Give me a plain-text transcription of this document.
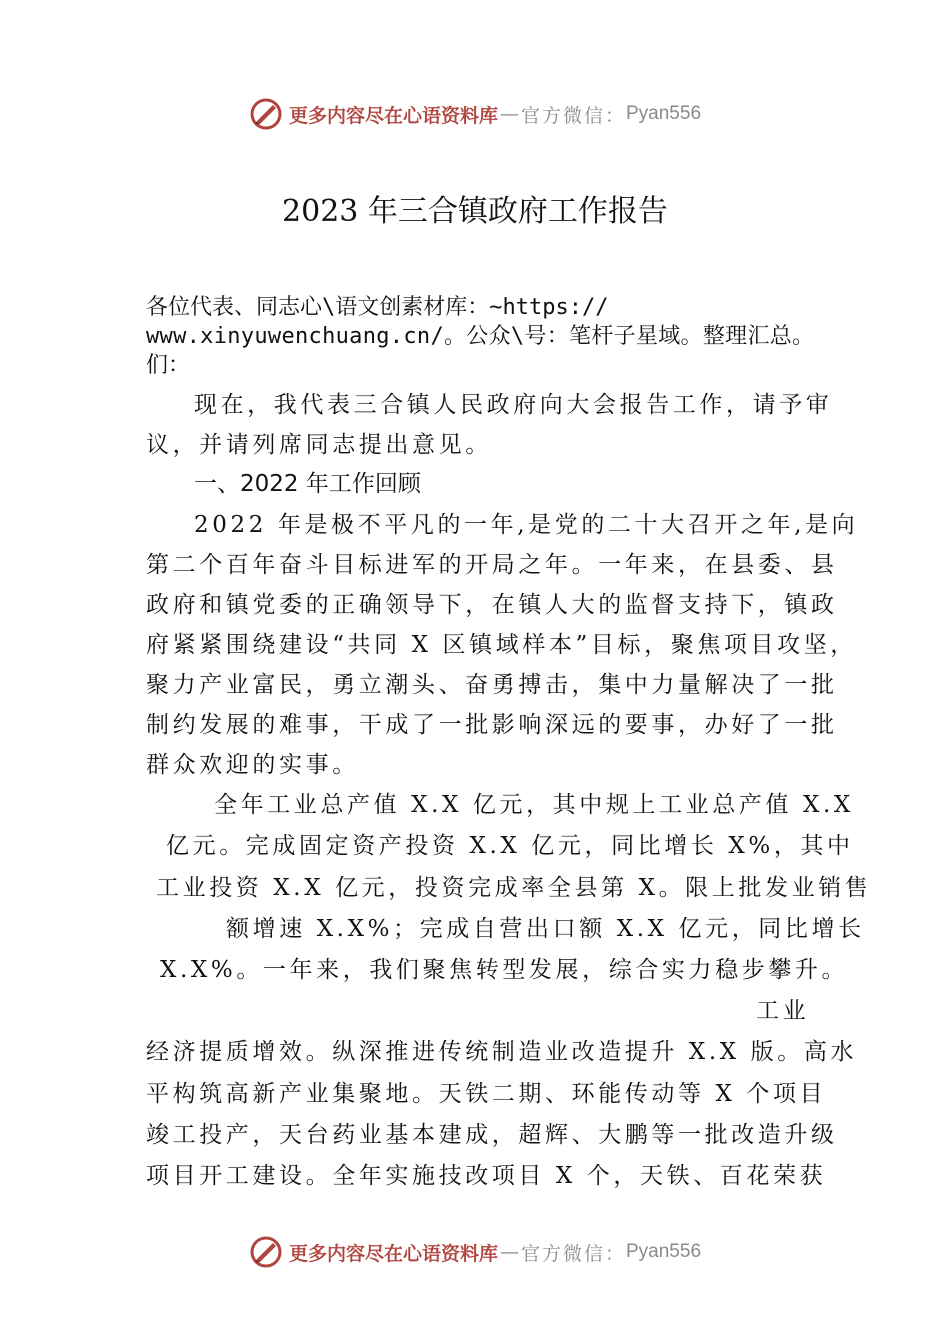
更多内容尽在心语资料库 — 官方微信： Pyan556
2023 年三合镇政府工作报告
各位代表、同志心\语文创素材库：~https://
www.xinyuwenchuang.cn/。公众\号：笔杆子星域。整理汇总。
们：
现在，我代表三合镇人民政府向大会报告工作，请予审
议，并请列席同志提出意见。
一、2022 年工作回顾
2022 年是极不平凡的一年,是党的二十大召开之年,是向
第二个百年奋斗目标进军的开局之年。一年来，在县委、县
政府和镇党委的正确领导下，在镇人大的监督支持下，镇政
府紧紧围绕建设“共同 X 区镇域样本”目标，聚焦项目攻坚，
聚力产业富民，勇立潮头、奋勇搏击，集中力量解决了一批
制约发展的难事，干成了一批影响深远的要事，办好了一批
群众欢迎的实事。
全年工业总产值 X.X 亿元，其中规上工业总产值 X.X
亿元。完成固定资产投资 X.X 亿元，同比增长 X%，其中
工业投资 X.X 亿元，投资完成率全县第 X。限上批发业销售
额增速 X.X%；完成自营出口额 X.X 亿元，同比增长
X.X%。一年来，我们聚焦转型发展，综合实力稳步攀升。
工业
经济提质增效。纵深推进传统制造业改造提升 X.X 版。高水
平构筑高新产业集聚地。天铁二期、环能传动等 X 个项目
竣工投产，天台药业基本建成，超辉、大鹏等一批改造升级
项目开工建设。全年实施技改项目 X 个，天铁、百花荣获
更多内容尽在心语资料库 — 官方微信： Pyan556
